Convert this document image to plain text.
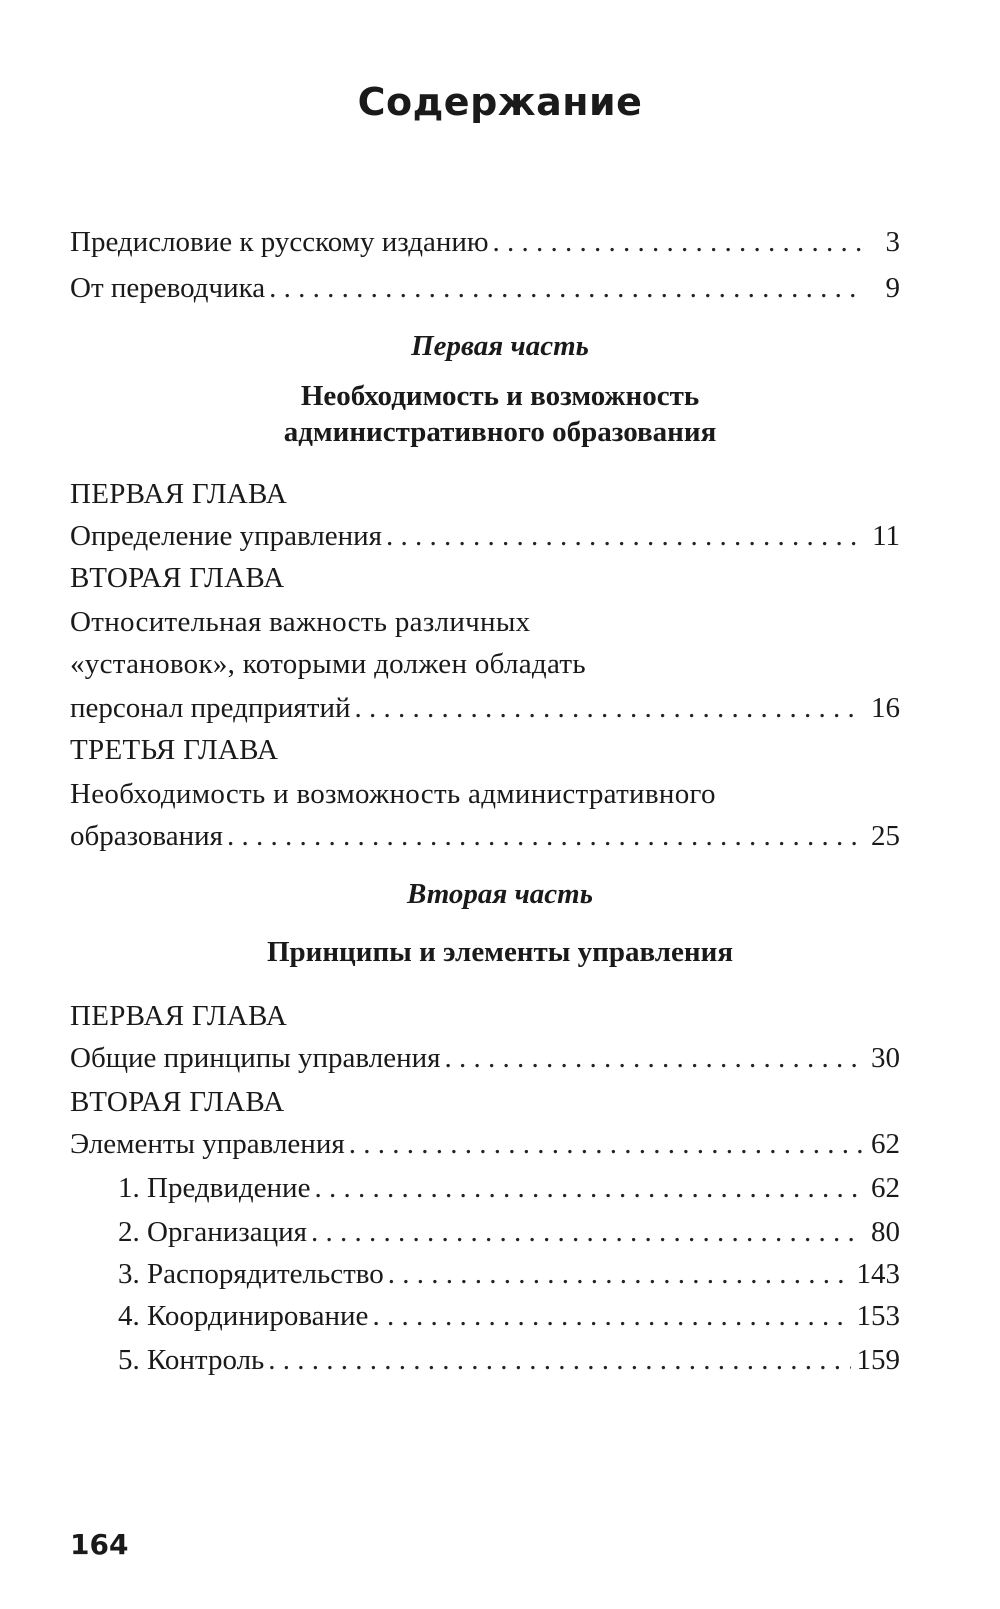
Содержание
Предисловие к русскому изданию . . .	3
От переводчика . . .	9
Первая часть
Необходимость и возможность
административного образования
ПЕРВАЯ ГЛАВА
Определение управления . . .	11
ВТОРАЯ ГЛАВА
Относительная важность различных
«установок», которыми должен обладать
персонал предприятий . . .	16
ТРЕТЬЯ ГЛАВА
Необходимость и возможность административного
образования . . .	25
Вторая часть
Принципы и элементы управления
ПЕРВАЯ ГЛАВА
Общие принципы управления . . .	30
ВТОРАЯ ГЛАВА
Элементы управления . . .	62
1. Предвидение . . .	62
2. Организация . . .	80
3. Распорядительство . . .	143
4. Координирование . . .	153
5. Контроль . . .	159
164
